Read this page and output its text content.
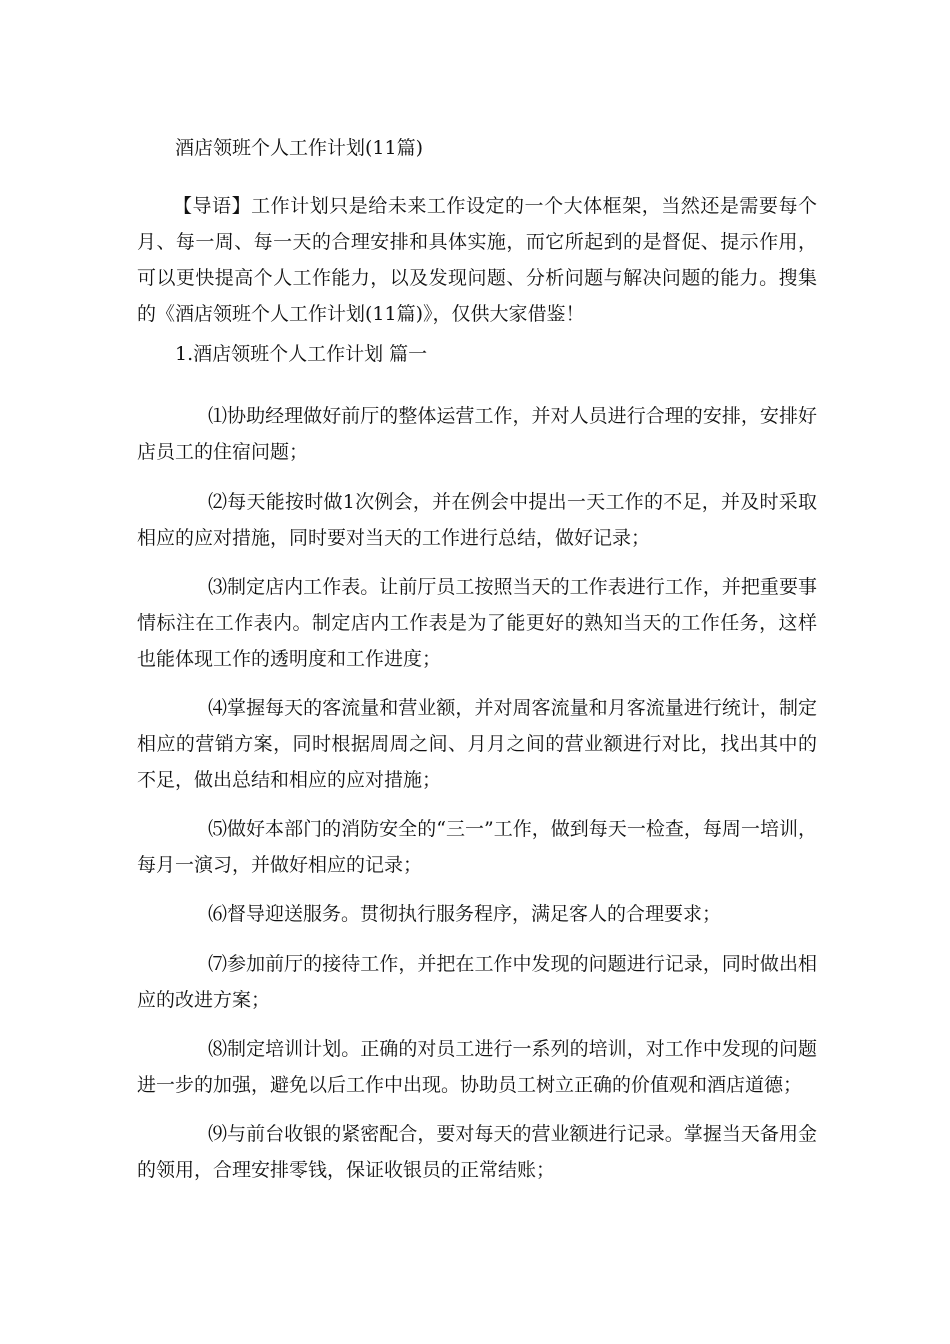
酒店领班个人工作计划(11篇)

【导语】工作计划只是给未来工作设定的一个大体框架，当然还是需要每个月、每一周、每一天的合理安排和具体实施，而它所起到的是督促、提示作用，可以更快提高个人工作能力，以及发现问题、分析问题与解决问题的能力。搜集的《酒店领班个人工作计划(11篇)》，仅供大家借鉴！

1.酒店领班个人工作计划 篇一

⑴协助经理做好前厅的整体运营工作，并对人员进行合理的安排，安排好店员工的住宿问题；

⑵每天能按时做1次例会，并在例会中提出一天工作的不足，并及时采取相应的应对措施，同时要对当天的工作进行总结，做好记录；

⑶制定店内工作表。让前厅员工按照当天的工作表进行工作，并把重要事情标注在工作表内。制定店内工作表是为了能更好的熟知当天的工作任务，这样也能体现工作的透明度和工作进度；

⑷掌握每天的客流量和营业额，并对周客流量和月客流量进行统计，制定相应的营销方案，同时根据周周之间、月月之间的营业额进行对比，找出其中的不足，做出总结和相应的应对措施；

⑸做好本部门的消防安全的“三一”工作，做到每天一检查，每周一培训，每月一演习，并做好相应的记录；

⑹督导迎送服务。贯彻执行服务程序，满足客人的合理要求；

⑺参加前厅的接待工作，并把在工作中发现的问题进行记录，同时做出相应的改进方案；

⑻制定培训计划。正确的对员工进行一系列的培训，对工作中发现的问题进一步的加强，避免以后工作中出现。协助员工树立正确的价值观和酒店道德；

⑼与前台收银的紧密配合，要对每天的营业额进行记录。掌握当天备用金的领用，合理安排零钱，保证收银员的正常结账；
